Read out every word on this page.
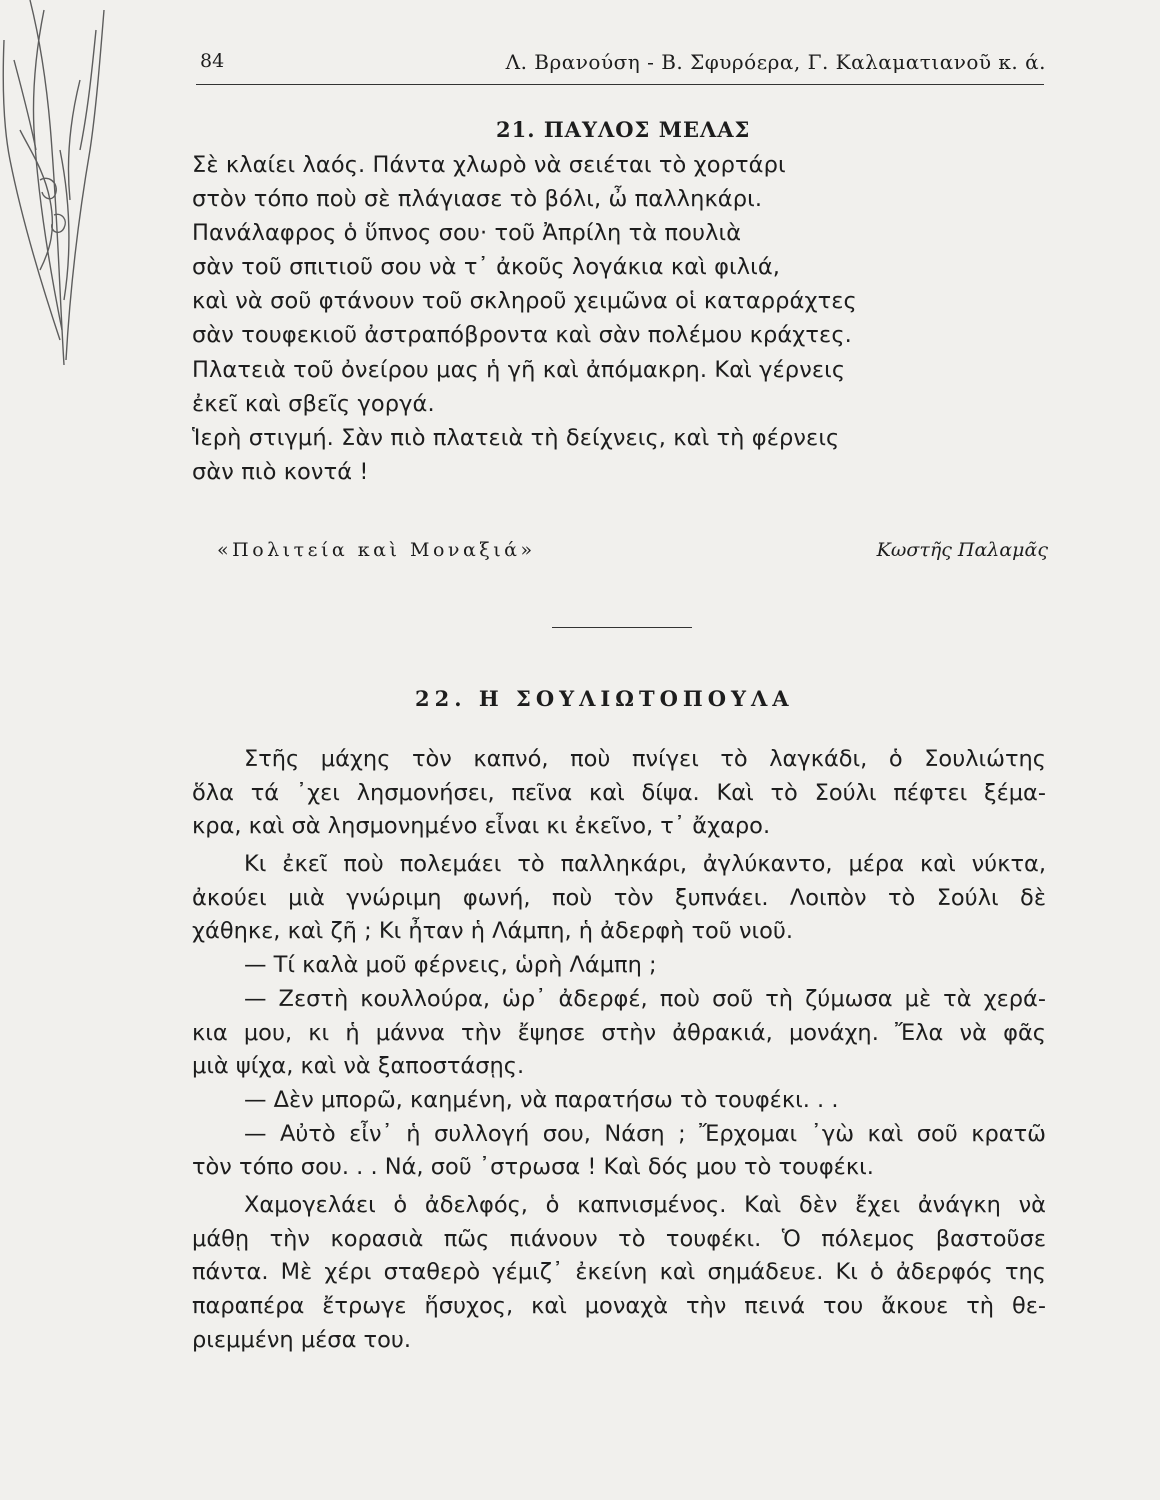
84	Λ. Βρανούση - Β. Σφυρόερα, Γ. Καλαματιανοῦ κ. ά.
21. ΠΑΥΛΟΣ ΜΕΛΑΣ
Σὲ κλαίει λαός. Πάντα χλωρὸ νὰ σειέται τὸ χορτάρι
στὸν τόπο ποὺ σὲ πλάγιασε τὸ βόλι, ὦ παλληκάρι.
Πανάλαφρος ὁ ὕπνος σου· τοῦ Ἀπρίλη τὰ πουλιὰ
σὰν τοῦ σπιτιοῦ σου νὰ τ᾿ ἀκοῦς λογάκια καὶ φιλιά,
καὶ νὰ σοῦ φτάνουν τοῦ σκληροῦ χειμῶνα οἱ καταρράχτες
σὰν τουφεκιοῦ ἀστραπόβροντα καὶ σὰν πολέμου κράχτες.
Πλατειὰ τοῦ ὀνείρου μας ἡ γῆ καὶ ἀπόμακρη. Καὶ γέρνεις
ἐκεῖ καὶ σβεῖς γοργά.
Ἱερὴ στιγμή. Σὰν πιὸ πλατειὰ τὴ δείχνεις, καὶ τὴ φέρνεις
σὰν πιὸ κοντά !
«Πολιτεία καὶ Μοναξιά»	Κωστῆς Παλαμᾶς
22. Η ΣΟΥΛΙΩΤΟΠΟΥΛΑ
Στῆς μάχης τὸν καπνό, ποὺ πνίγει τὸ λαγκάδι, ὁ Σουλιώτης
ὅλα τά ᾿χει λησμονήσει, πεῖνα καὶ δίψα. Καὶ τὸ Σούλι πέφτει ξέμα-
κρα, καὶ σὰ λησμονημένο εἶναι κι ἐκεῖνο, τ᾿ ἄχαρο.
Κι ἐκεῖ ποὺ πολεμάει τὸ παλληκάρι, ἀγλύκαντο, μέρα καὶ νύκτα,
ἀκούει μιὰ γνώριμη φωνή, ποὺ τὸν ξυπνάει. Λοιπὸν τὸ Σούλι δὲ
χάθηκε, καὶ ζῆ ; Κι ἦταν ἡ Λάμπη, ἡ ἀδερφὴ τοῦ νιοῦ.
— Τί καλὰ μοῦ φέρνεις, ὡρὴ Λάμπη ;
— Ζεστὴ κουλλούρα, ὡρ᾿ ἀδερφέ, ποὺ σοῦ τὴ ζύμωσα μὲ τὰ χερά-
κια μου, κι ἡ μάννα τὴν ἔψησε στὴν ἀθρακιά, μονάχη. Ἔλα νὰ φᾶς
μιὰ ψίχα, καὶ νὰ ξαποστάσῃς.
— Δὲν μπορῶ, καημένη, νὰ παρατήσω τὸ τουφέκι. . .
— Αὐτὸ εἶν᾿ ἡ συλλογή σου, Νάση ; Ἔρχομαι ᾿γὼ καὶ σοῦ κρατῶ
τὸν τόπο σου. . . Νά, σοῦ ᾿στρωσα ! Καὶ δός μου τὸ τουφέκι.
Χαμογελάει ὁ ἀδελφός, ὁ καπνισμένος. Καὶ δὲν ἔχει ἀνάγκη νὰ
μάθῃ τὴν κορασιὰ πῶς πιάνουν τὸ τουφέκι. Ὁ πόλεμος βαστοῦσε
πάντα. Μὲ χέρι σταθερὸ γέμιζ᾿ ἐκείνη καὶ σημάδευε. Κι ὁ ἀδερφός της
παραπέρα ἔτρωγε ἥσυχος, καὶ μοναχὰ τὴν πεινά του ἄκουε τὴ θε-
ριεμμένη μέσα του.
